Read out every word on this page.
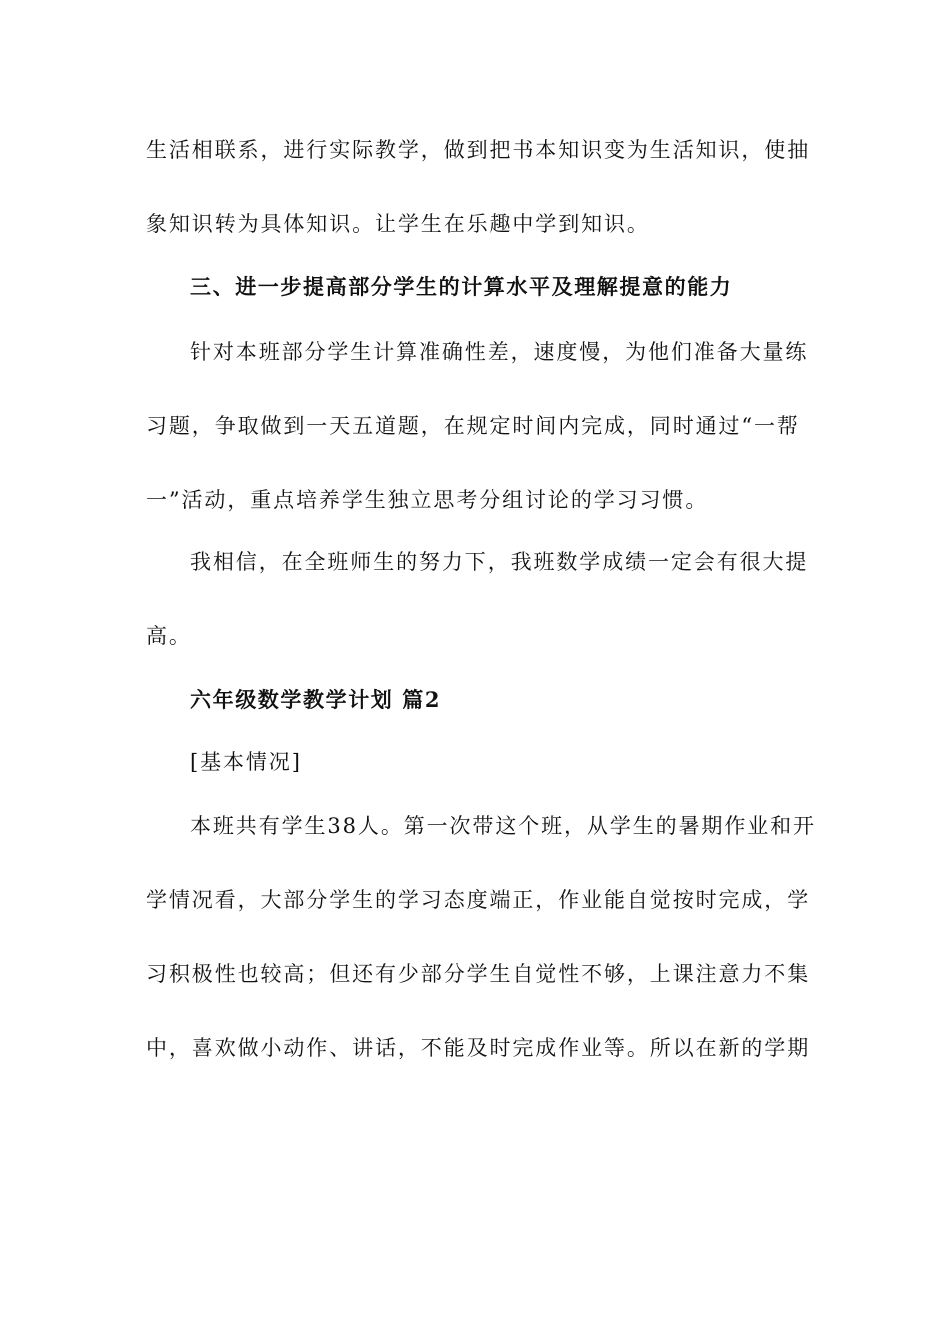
生活相联系，进行实际教学，做到把书本知识变为生活知识，使抽
象知识转为具体知识。让学生在乐趣中学到知识。
三、进一步提高部分学生的计算水平及理解提意的能力
针对本班部分学生计算准确性差，速度慢，为他们准备大量练
习题，争取做到一天五道题，在规定时间内完成，同时通过“一帮
一”活动，重点培养学生独立思考分组讨论的学习习惯。
我相信，在全班师生的努力下，我班数学成绩一定会有很大提
高。
六年级数学教学计划 篇2
[基本情况]
本班共有学生38人。第一次带这个班，从学生的暑期作业和开
学情况看，大部分学生的学习态度端正，作业能自觉按时完成，学
习积极性也较高；但还有少部分学生自觉性不够，上课注意力不集
中，喜欢做小动作、讲话，不能及时完成作业等。所以在新的学期
